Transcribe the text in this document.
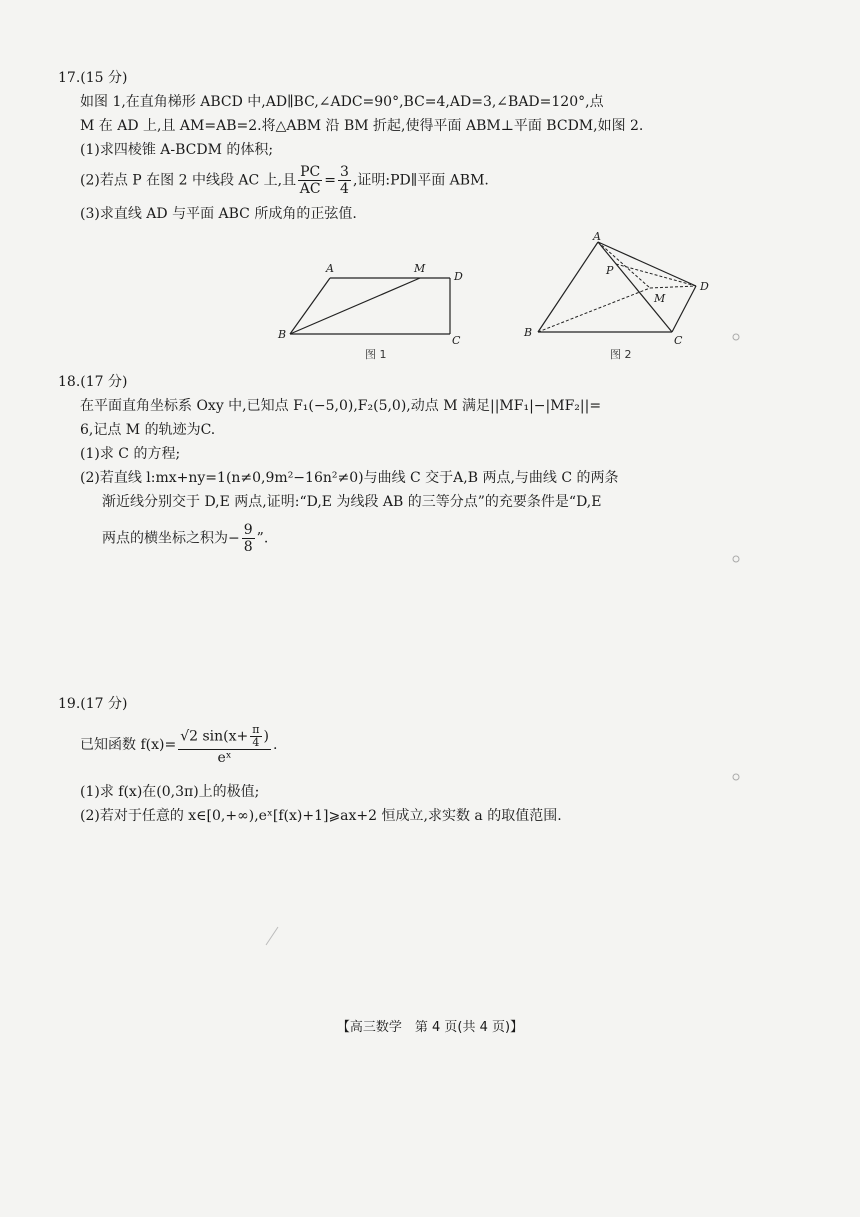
17.(15 分)
如图 1,在直角梯形 ABCD 中,AD∥BC,∠ADC=90°,BC=4,AD=3,∠BAD=120°,点
M 在 AD 上,且 AM=AB=2.将△ABM 沿 BM 折起,使得平面 ABM⊥平面 BCDM,如图 2.
(1)求四棱锥 A-BCDM 的体积;
(2)若点 P 在图 2 中线段 AC 上,且 $\frac{PC}{AC} = \frac{3}{4}$ ,证明:PD∥平面 ABM.
(3)求直线 AD 与平面 ABC 所成角的正弦值.
A	M
D
B	C
图 1
A
P
M
D
B
C
图 2
18.(17 分)
在平面直角坐标系 Oxy 中,已知点 F₁(−5,0),F₂(5,0),动点 M 满足||MF₁|−|MF₂||=
6,记点 M 的轨迹为C.
(1)求 C 的方程;
(2)若直线 l:mx+ny=1(n≠0,9m²−16n²≠0)与曲线 C 交于A,B 两点,与曲线 C 的两条
渐近线分别交于 D,E 两点,证明:“D,E 为线段 AB 的三等分点”的充要条件是“D,E
两点的横坐标之积为− $\frac{9}{8}$ ”.
19.(17 分)
已知函数 $f(x)= \frac{√2 \sin(x+ \frac{\pi}{4} )}{\text{eˣ}}$ .
(1)求 f(x)在(0,3π)上的极值;
(2)若对于任意的 x∈[0,+∞),eˣ[f(x)+1]⩾ax+2 恒成立,求实数 a 的取值范围.
【高三数学　第 4 页(共 4 页)】
